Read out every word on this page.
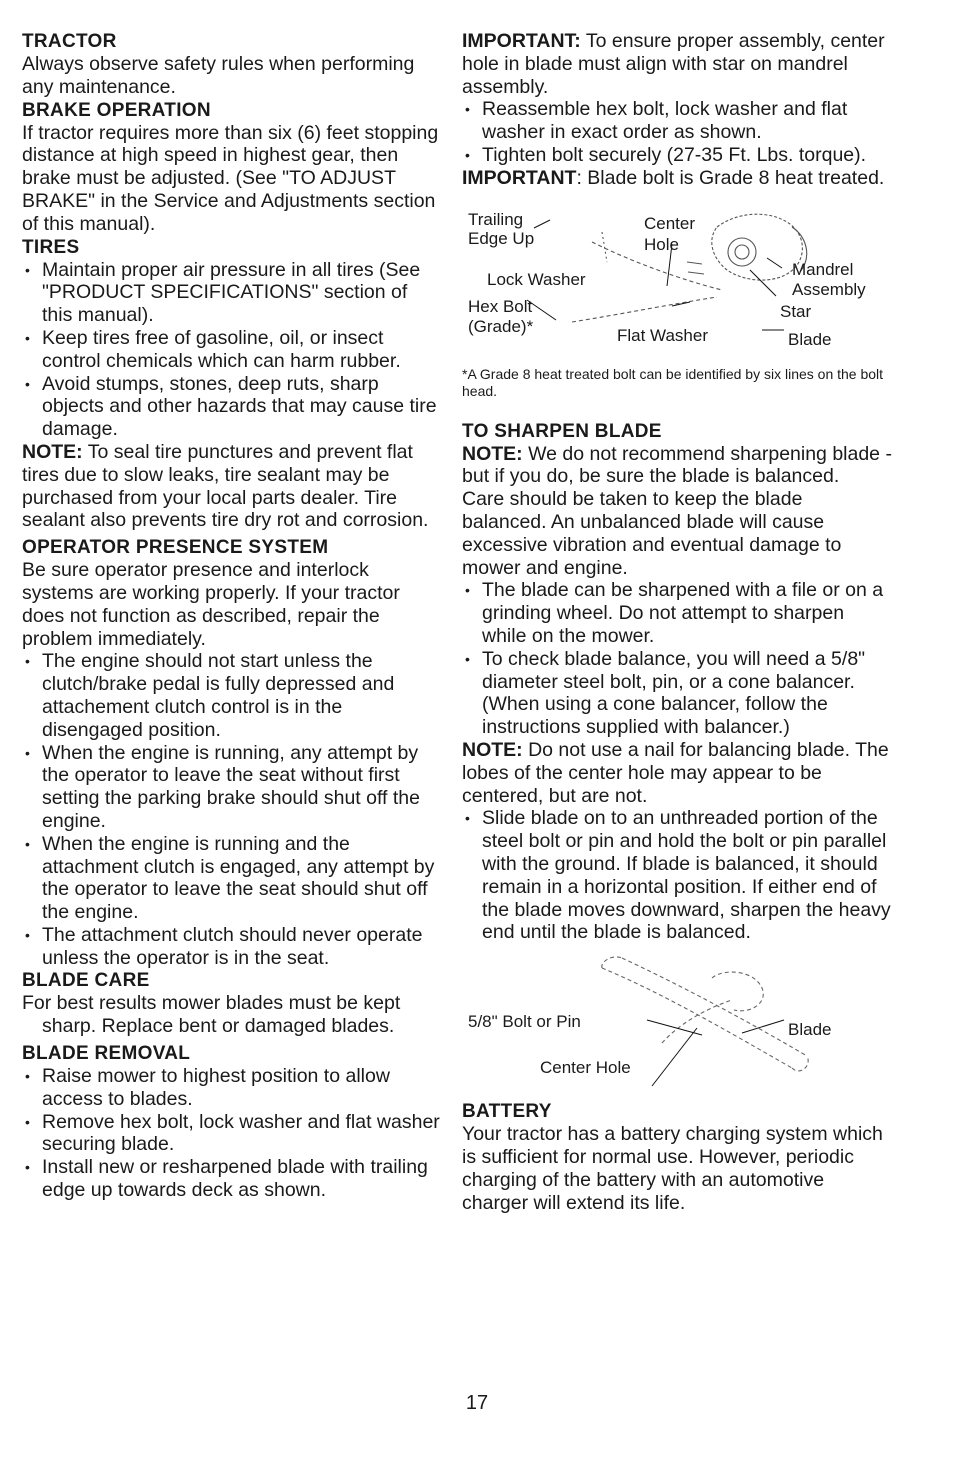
TRACTOR

Always observe safety rules when performing any maintenance.

BRAKE OPERATION

If tractor requires more than six (6) feet stopping distance at high speed in highest gear, then brake must be adjusted. (See "TO ADJUST BRAKE" in the Service and Adjustments section of this manual).

TIRES
• Maintain proper air pressure in all tires (See "PRODUCT SPECIFICATIONS" section of this manual).
• Keep tires free of gasoline, oil, or insect control chemicals which can harm rubber.
• Avoid stumps, stones, deep ruts, sharp objects and other hazards that may cause tire damage.

NOTE: To seal tire punctures and prevent flat tires due to slow leaks, tire sealant may be purchased from your local parts dealer. Tire sealant also prevents tire dry rot and corrosion.

OPERATOR PRESENCE SYSTEM

Be sure operator presence and interlock systems are working properly. If your tractor does not function as described, repair the problem immediately.

• The engine should not start unless the clutch/brake pedal is fully depressed and attachement clutch control is in the disengaged position.
• When the engine is running, any attempt by the operator to leave the seat without first setting the parking brake should shut off the engine.
• When the engine is running and the attachment clutch is engaged, any attempt by the operator to leave the seat should shut off the engine.
• The attachment clutch should never operate unless the operator is in the seat.
BLADE CARE

For best results mower blades must be kept sharp. Replace bent or damaged blades.

BLADE REMOVAL
• Raise mower to highest position to allow access to blades.
• Remove hex bolt, lock washer and flat washer securing blade.
• Install new or resharpened blade with trailing edge up towards deck as shown.

IMPORTANT: To ensure proper assembly, center hole in blade must align with star on mandrel assembly.

• Reassemble hex bolt, lock washer and flat washer in exact order as shown.
• Tighten bolt securely (27-35 Ft. Lbs. torque).

IMPORTANT: Blade bolt is Grade 8 heat treated.

Trailing
Edge Up
Center
Hole
Mandrel
Assembly
Lock Washer
Hex Bolt
(Grade)*
Star
Flat Washer	Blade

*A Grade 8 heat treated bolt can be identified by six lines on the bolt head.

TO SHARPEN BLADE

NOTE: We do not recommend sharpening blade - but if you do, be sure the blade is balanced.

Care should be taken to keep the blade balanced. An unbalanced blade will cause excessive vibration and eventual damage to mower and engine.

• The blade can be sharpened with a file or on a grinding wheel. Do not attempt to sharpen while on the mower.
• To check blade balance, you will need a 5/8" diameter steel bolt, pin, or a cone balancer. (When using a cone balancer, follow the instructions supplied with balancer.)

NOTE: Do not use a nail for balancing blade. The lobes of the center hole may appear to be centered, but are not.

• Slide blade on to an unthreaded portion of the steel bolt or pin and hold the bolt or pin parallel with the ground. If blade is balanced, it should remain in a horizontal position. If either end of the blade moves downward, sharpen the heavy end until the blade is balanced.
5/8" Bolt or Pin	Blade
Center Hole
BATTERY

Your tractor has a battery charging system which is sufficient for normal use. However, periodic charging of the battery with an automotive charger will extend its life.

17
